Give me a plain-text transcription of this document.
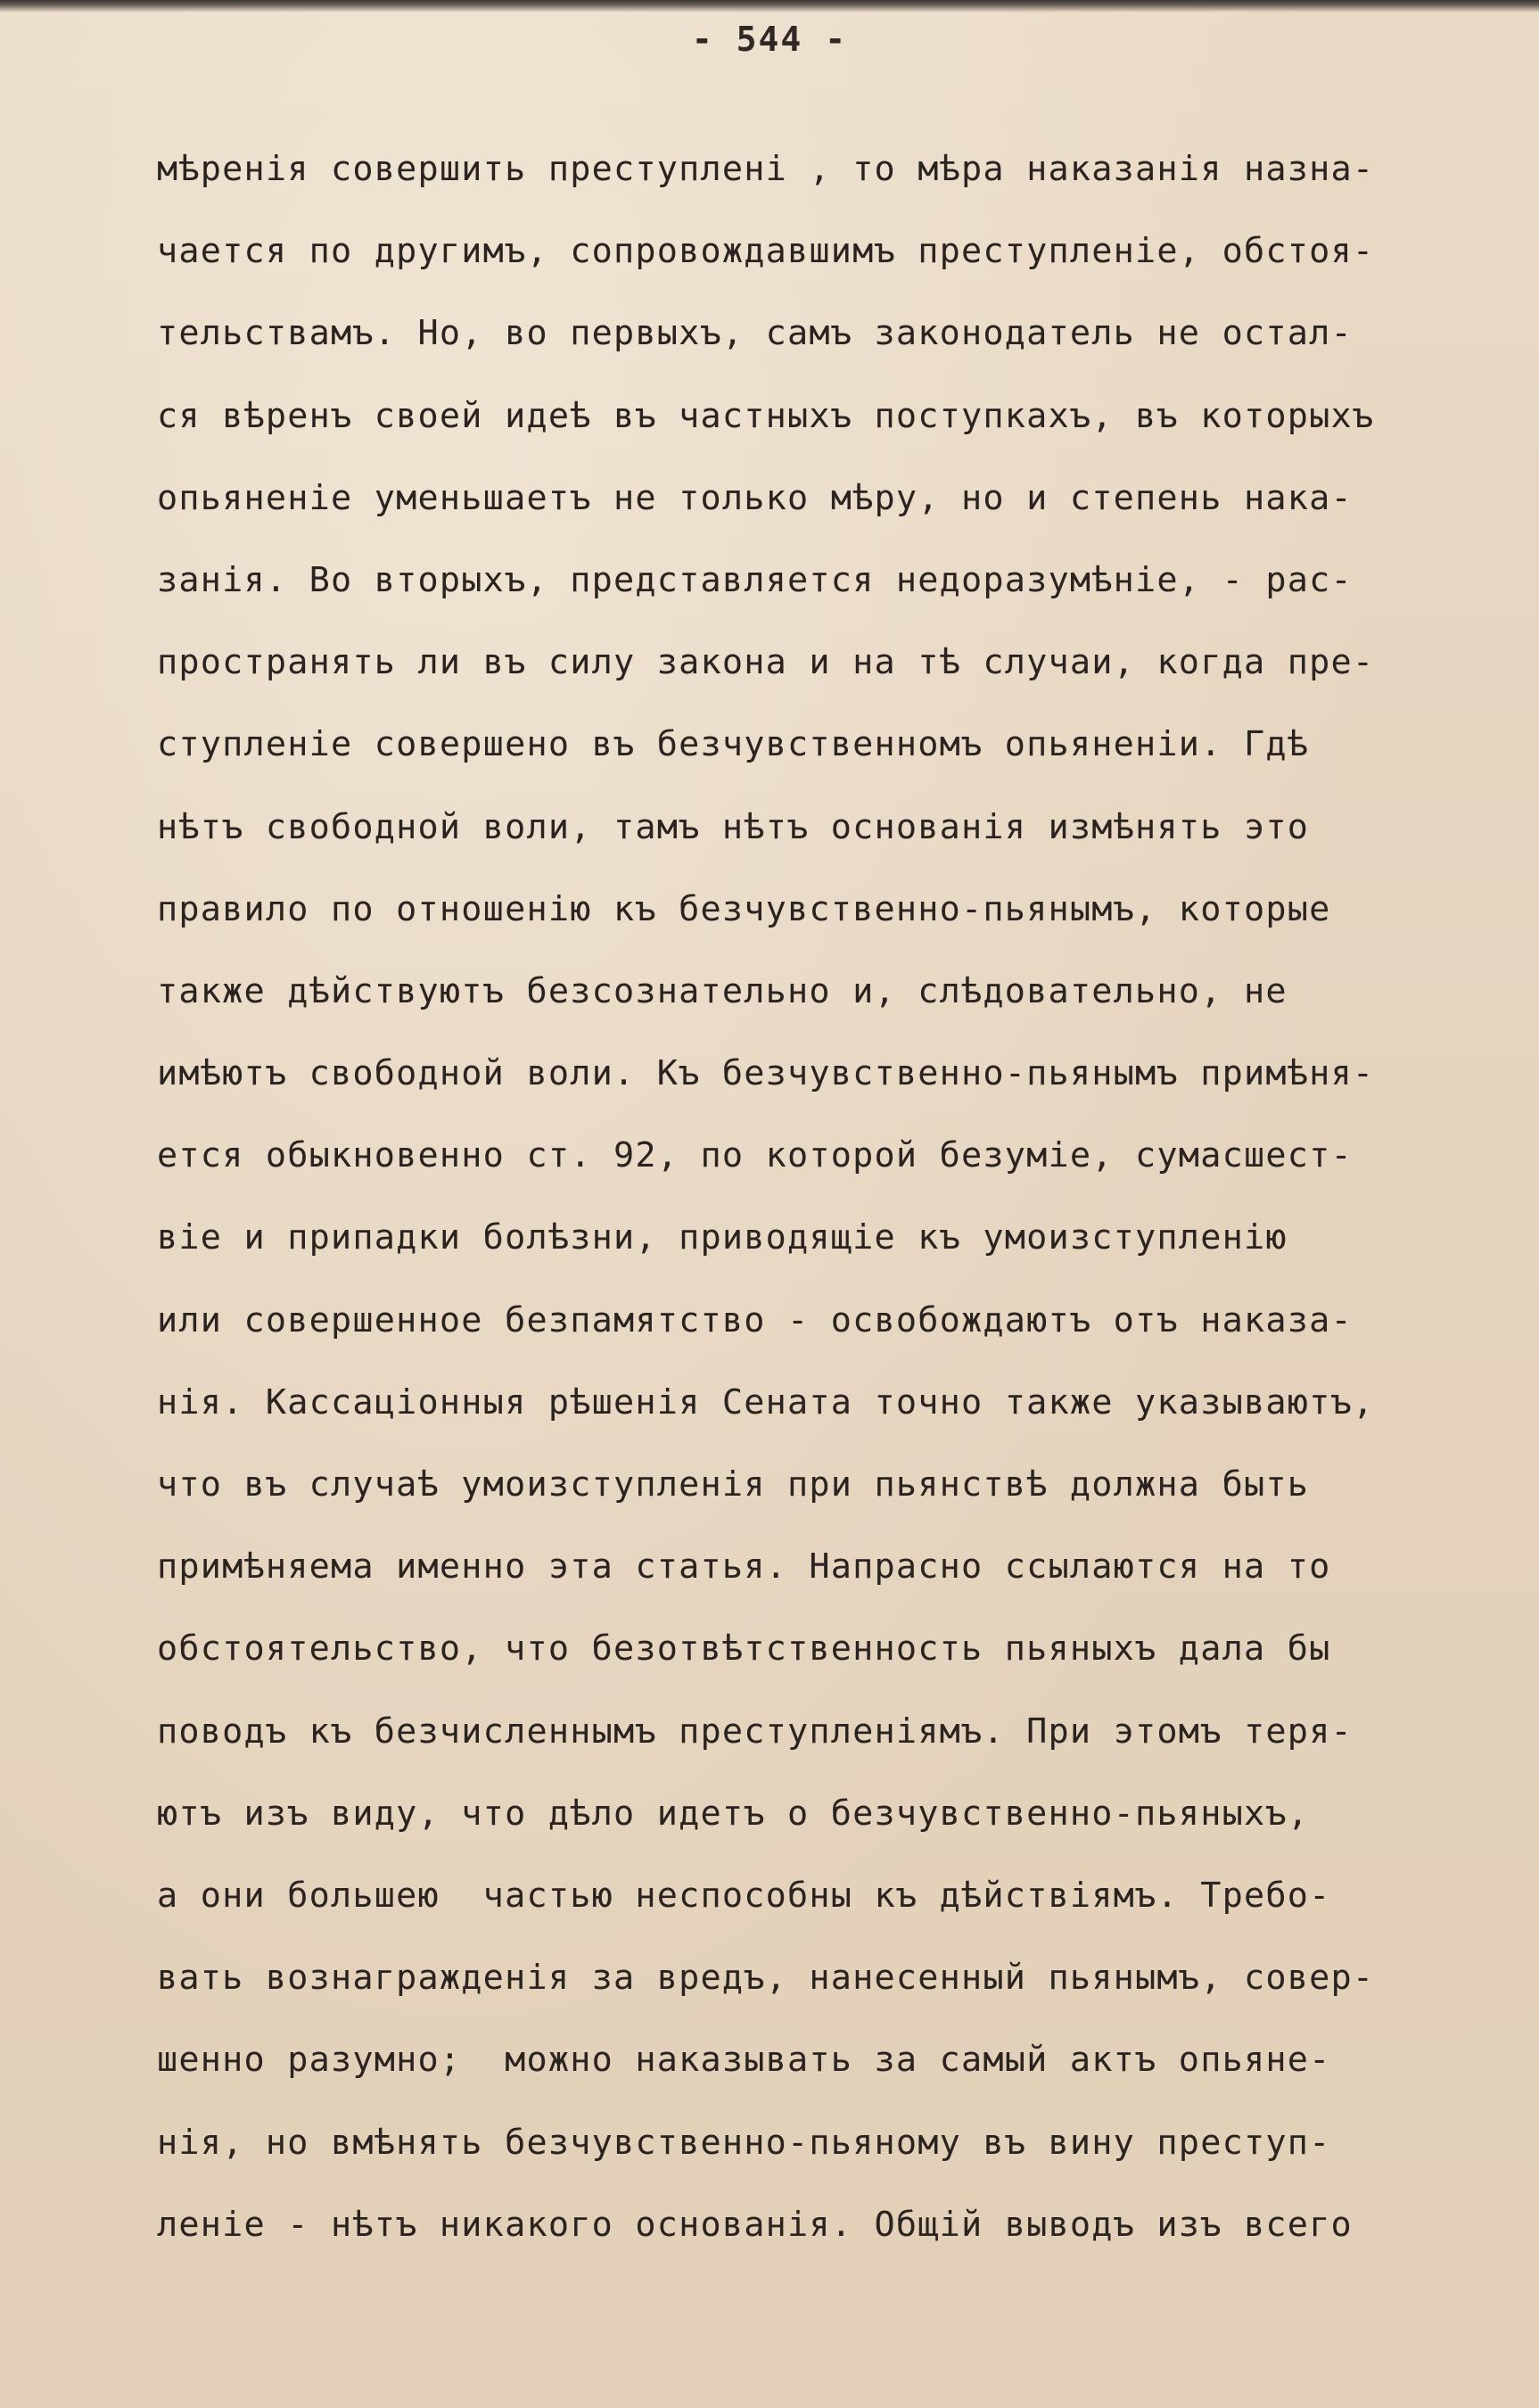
- 544 -
мѣренія совершить преступлені , то мѣра наказанія назна-
чается по другимъ, сопровождавшимъ преступленіе, обстоя-
тельствамъ. Но, во первыхъ, самъ законодатель не остал-
ся вѣренъ своей идеѣ въ частныхъ поступкахъ, въ которыхъ
опьяненіе уменьшаетъ не только мѣру, но и степень нака-
занія. Во вторыхъ, представляется недоразумѣніе, - рас-
пространять ли въ силу закона и на тѣ случаи, когда пре-
ступленіе совершено въ безчувственномъ опьяненіи. Гдѣ
нѣтъ свободной воли, тамъ нѣтъ основанія измѣнять это
правило по отношенію къ безчувственно-пьянымъ, которые
также дѣйствуютъ безсознательно и, слѣдовательно, не
имѣютъ свободной воли. Къ безчувственно-пьянымъ примѣня-
ется обыкновенно ст. 92, по которой безуміе, сумасшест-
віе и припадки болѣзни, приводящіе къ умоизступленію
или совершенное безпамятство - освобождаютъ отъ наказа-
нія. Кассаціонныя рѣшенія Сената точно также указываютъ,
что въ случаѣ умоизступленія при пьянствѣ должна быть
примѣняема именно эта статья. Напрасно ссылаются на то
обстоятельство, что безотвѣтственность пьяныхъ дала бы
поводъ къ безчисленнымъ преступленіямъ. При этомъ теря-
ютъ изъ виду, что дѣло идетъ о безчувственно-пьяныхъ,
а они большею  частью неспособны къ дѣйствіямъ. Требо-
вать вознагражденія за вредъ, нанесенный пьянымъ, совер-
шенно разумно;  можно наказывать за самый актъ опьяне-
нія, но вмѣнять безчувственно-пьяному въ вину преступ-
леніе - нѣтъ никакого основанія. Общій выводъ изъ всего
